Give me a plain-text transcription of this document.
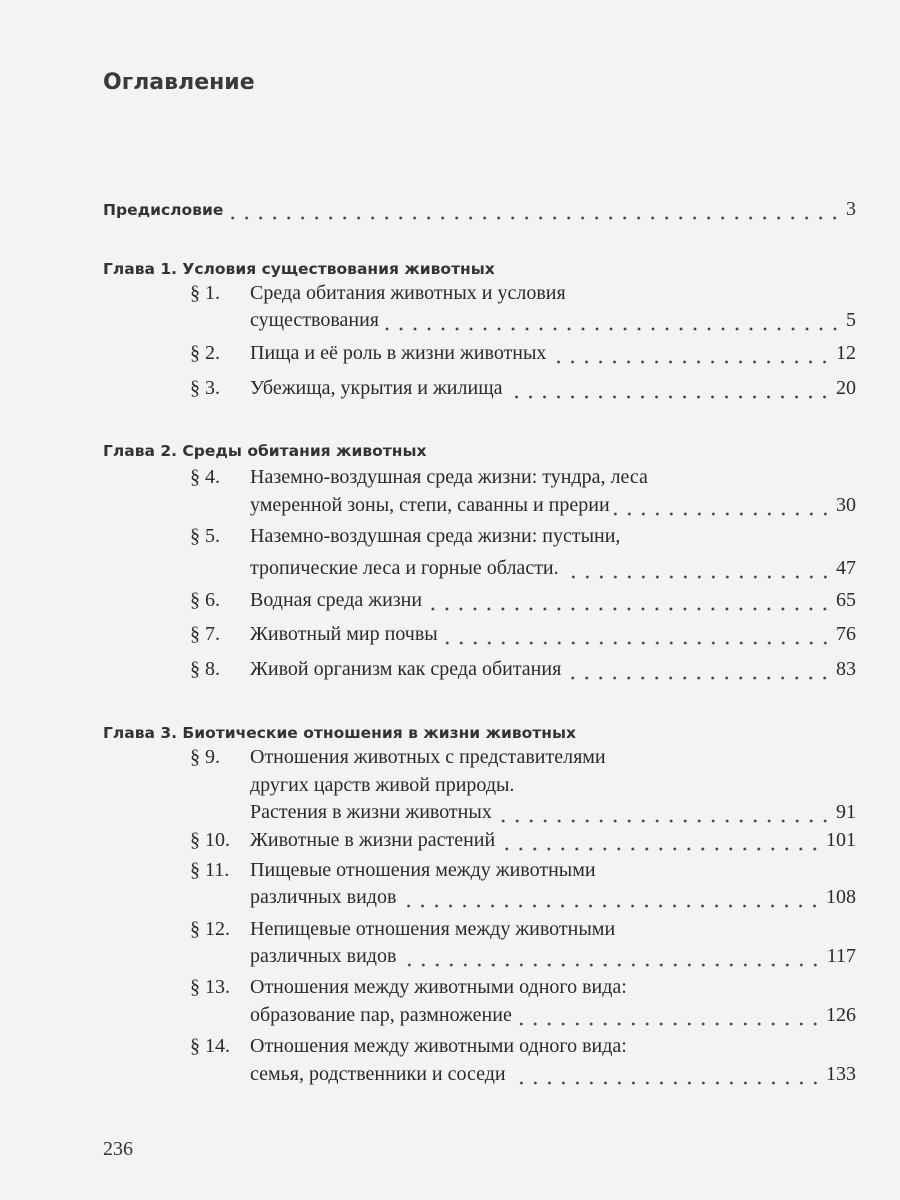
Оглавление
Предисловие	3
Глава 1. Условия существования животных
§ 1.	Среда обитания животных и условия
существования	5
§ 2.	Пища и её роль в жизни животных	12
§ 3.	Убежища, укрытия и жилища	20
Глава 2. Среды обитания животных
§ 4.	Наземно-воздушная среда жизни: тундра, леса
умеренной зоны, степи, саванны и прерии	30
§ 5.	Наземно-воздушная среда жизни: пустыни,
тропические леса и горные области.	47
§ 6.	Водная среда жизни	65
§ 7.	Животный мир почвы	76
§ 8.	Живой организм как среда обитания	83
Глава 3. Биотические отношения в жизни животных
§ 9.	Отношения животных с представителями
других царств живой природы.
Растения в жизни животных	91
§ 10.	Животные в жизни растений	101
§ 11.	Пищевые отношения между животными
различных видов	108
§ 12.	Непищевые отношения между животными
различных видов	117
§ 13.	Отношения между животными одного вида:
образование пар, размножение	126
§ 14.	Отношения между животными одного вида:
семья, родственники и соседи	133
236
